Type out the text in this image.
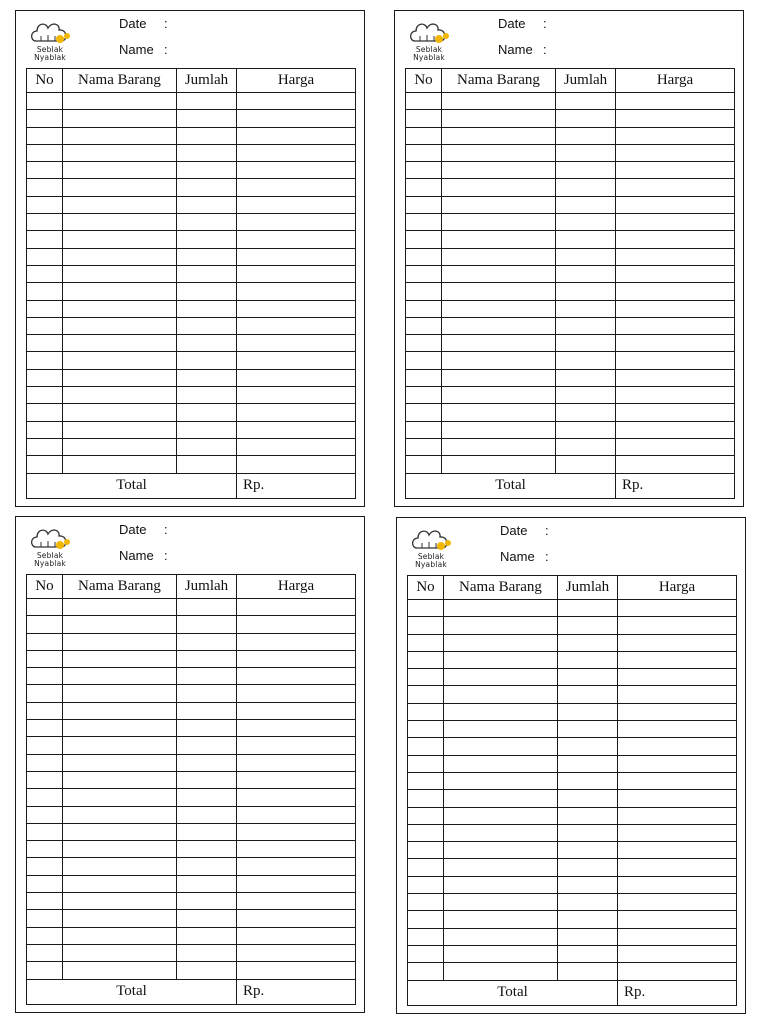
Seblak
Nyablak
Date :
Name :
No	Nama Barang	Jumlah	Harga

Total			Rp.
Seblak
Nyablak
Date :
Name :
No	Nama Barang	Jumlah	Harga

Total			Rp.
Seblak
Nyablak
Date :
Name :
No	Nama Barang	Jumlah	Harga

Total			Rp.
Seblak
Nyablak
Date :
Name :
No	Nama Barang	Jumlah	Harga

Total			Rp.
